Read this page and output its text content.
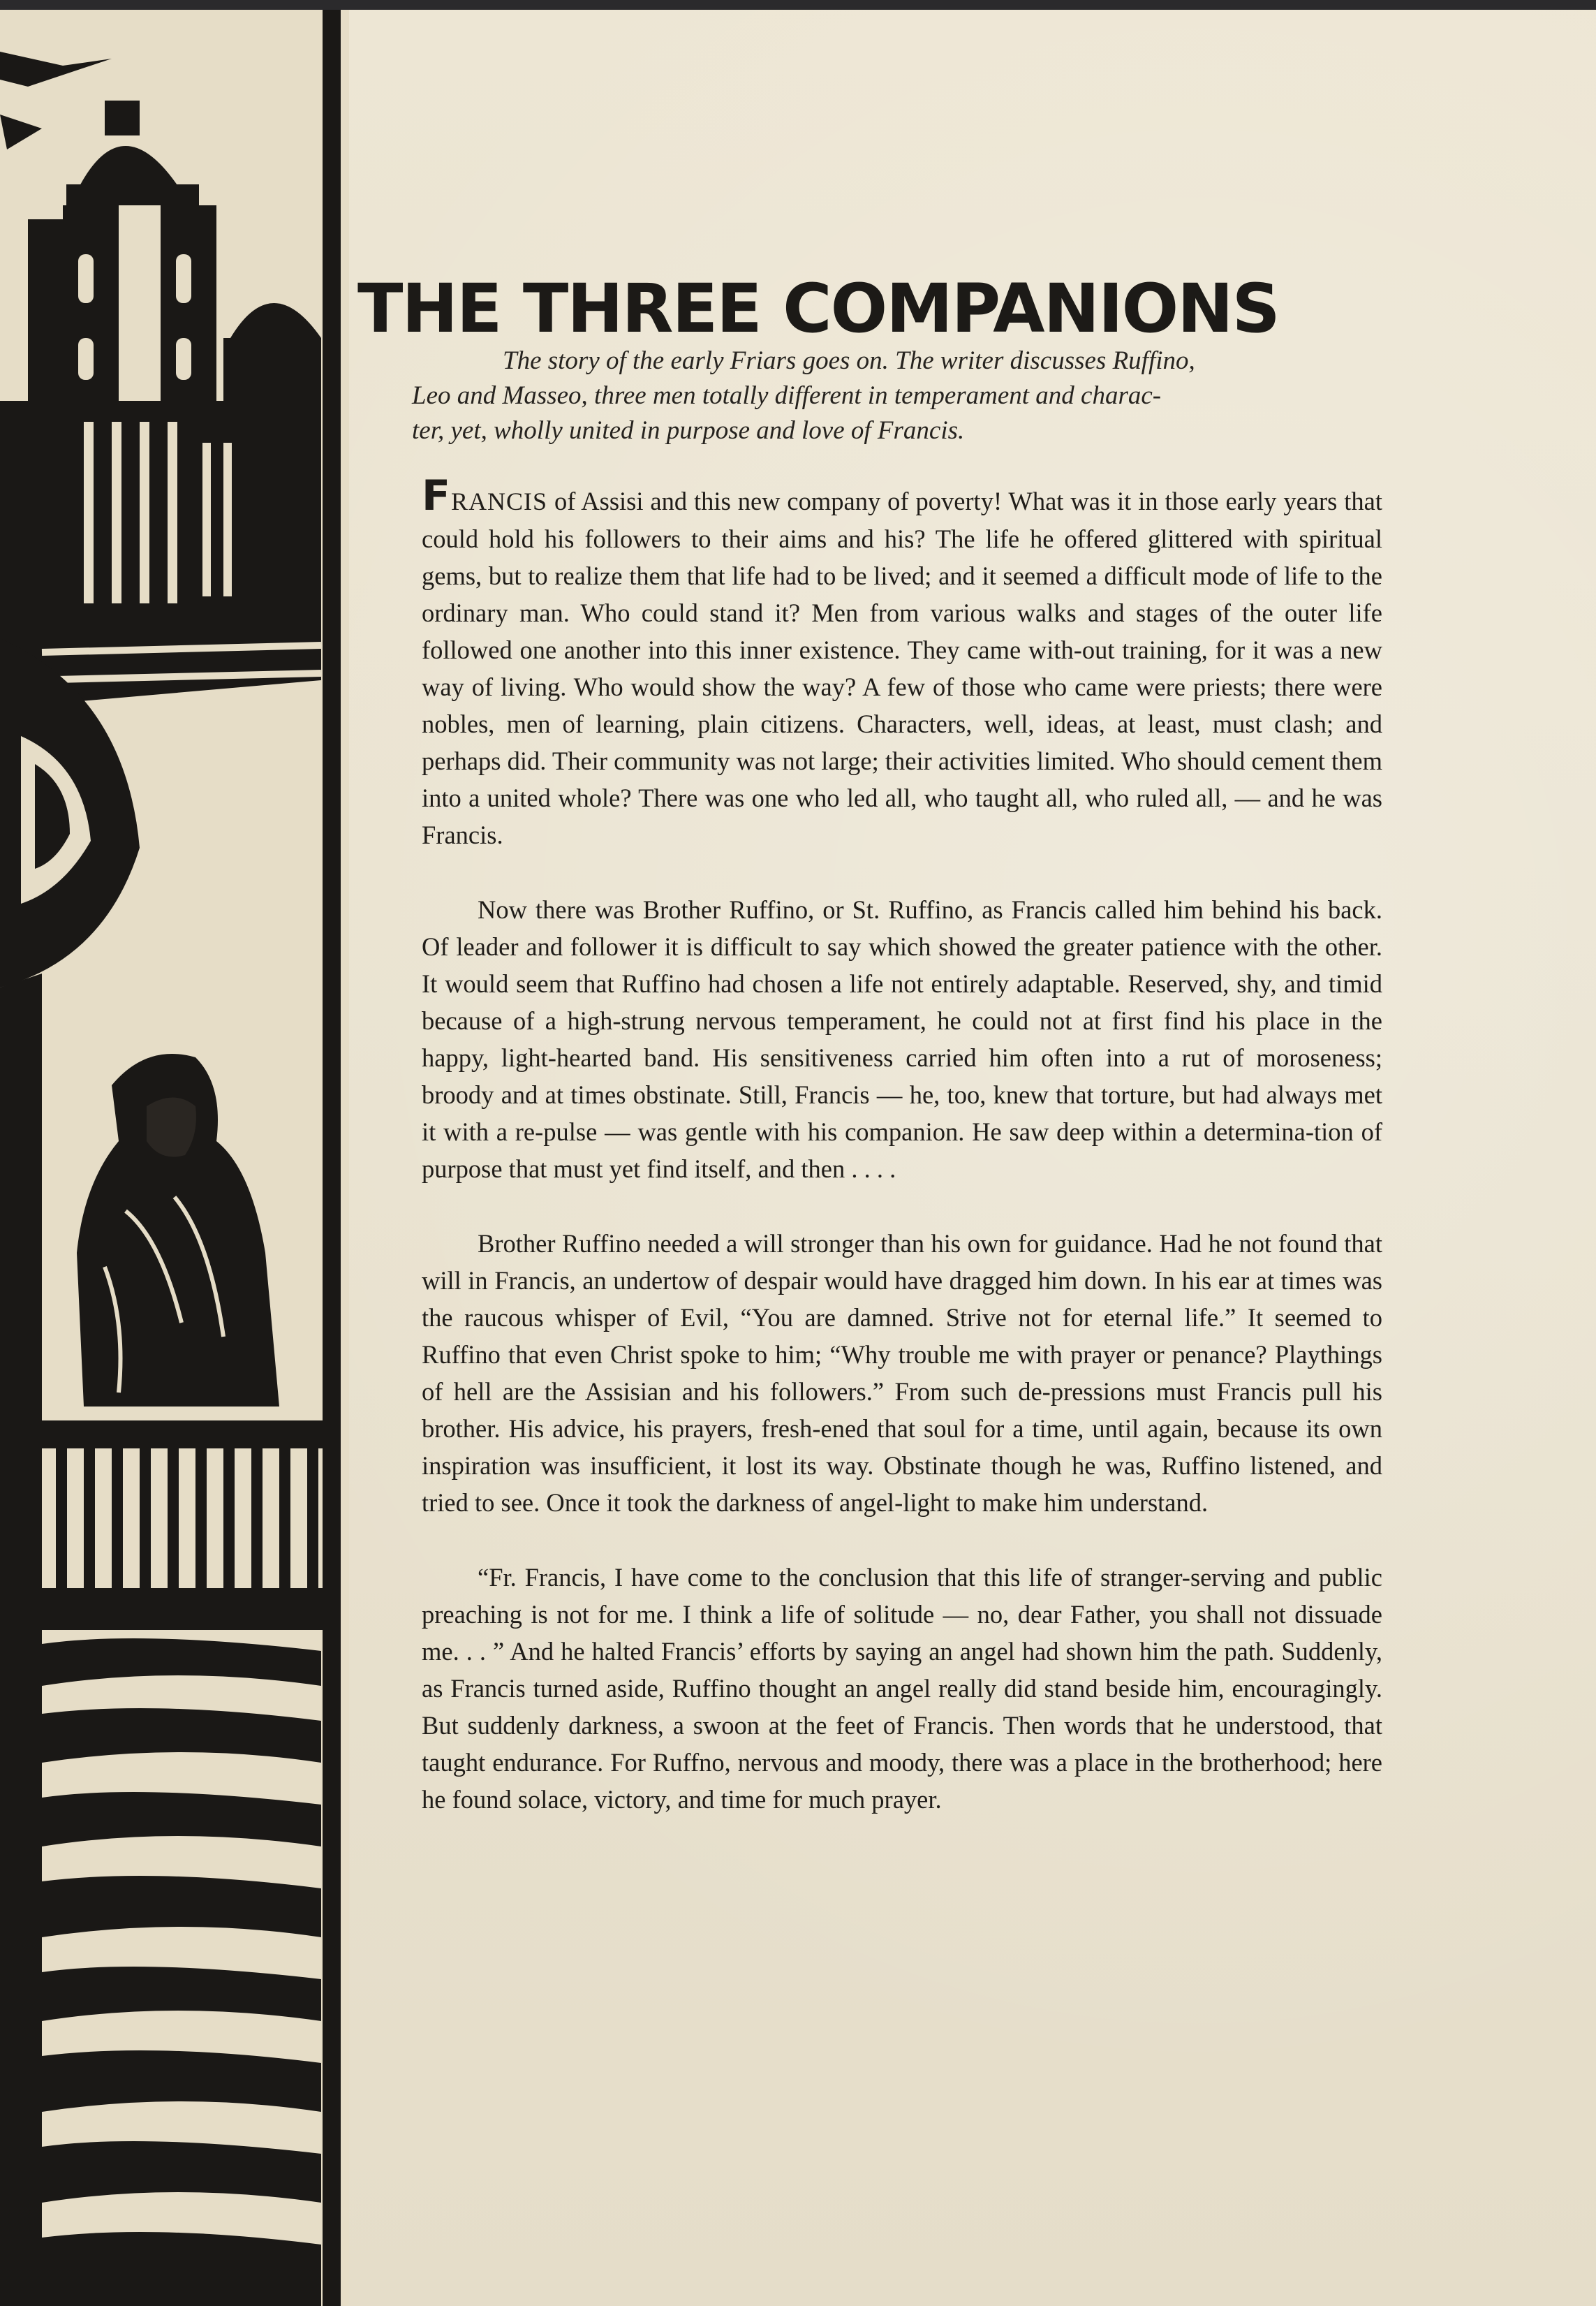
THE THREE COMPANIONS
The story of the early Friars goes on. The writer discusses Ruffino,
Leo and Masseo, three men totally different in temperament and charac-
ter, yet, wholly united in purpose and love of Francis.

FRANCIS of Assisi and this new company of poverty! What was it in those early years that could hold his followers to their aims and his? The life he offered glittered with spiritual gems, but to realize them that life had to be lived; and it seemed a difficult mode of life to the ordinary man. Who could stand it? Men from various walks and stages of the outer life followed one another into this inner existence. They came with-out training, for it was a new way of living. Who would show the way? A few of those who came were priests; there were nobles, men of learning, plain citizens. Characters, well, ideas, at least, must clash; and perhaps did. Their community was not large; their activities limited. Who should cement them into a united whole? There was one who led all, who taught all, who ruled all, — and he was Francis.

Now there was Brother Ruffino, or St. Ruffino, as Francis called him behind his back. Of leader and follower it is difficult to say which showed the greater patience with the other. It would seem that Ruffino had chosen a life not entirely adaptable. Reserved, shy, and timid because of a high-strung nervous temperament, he could not at first find his place in the happy, light-hearted band. His sensitiveness carried him often into a rut of moroseness; broody and at times obstinate. Still, Francis — he, too, knew that torture, but had always met it with a re-pulse — was gentle with his companion. He saw deep within a determina-tion of purpose that must yet find itself, and then . . . .

Brother Ruffino needed a will stronger than his own for guidance. Had he not found that will in Francis, an undertow of despair would have dragged him down. In his ear at times was the raucous whisper of Evil, “You are damned. Strive not for eternal life.” It seemed to Ruffino that even Christ spoke to him; “Why trouble me with prayer or penance? Playthings of hell are the Assisian and his followers.” From such de-pressions must Francis pull his brother. His advice, his prayers, fresh-ened that soul for a time, until again, because its own inspiration was insufficient, it lost its way. Obstinate though he was, Ruffino listened, and tried to see. Once it took the darkness of angel-light to make him understand.

“Fr. Francis, I have come to the conclusion that this life of stranger-serving and public preaching is not for me. I think a life of solitude — no, dear Father, you shall not dissuade me. . . ” And he halted Francis’ efforts by saying an angel had shown him the path. Suddenly, as Francis turned aside, Ruffino thought an angel really did stand beside him, encouragingly. But suddenly darkness, a swoon at the feet of Francis. Then words that he understood, that taught endurance. For Ruffno, nervous and moody, there was a place in the brotherhood; here he found solace, victory, and time for much prayer.
